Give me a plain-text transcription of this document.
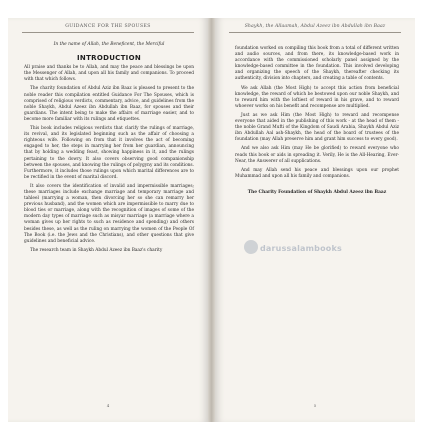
GUIDANCE FOR THE SPOUSES
In the name of Allah, the Beneficent, the Merciful
INTRODUCTION

All praise and thanks be to Allah, and may the peace and blessings be upon the Messenger of Allah, and upon all his family and companions. To proceed with that which follows.

The charity foundation of Abdul Aziz ibn Baaz is pleased to present to the noble reader this compilation entitled Guidance For The Spouses, which is comprised of religious verdicts, commentary, advice, and guidelines from the noble Shaykh, Abdul Azeez ibn Abdullah ibn Baaz, for spouses and their guardians. The intent being to make the affairs of marriage easier, and to become more familiar with its rulings and etiquettes.

This book includes religious verdicts that clarify the rulings of marriage, its revival, and its legislated beginning such as the affair of choosing a righteous wife. Following on from that it involves the act of becoming engaged to her, the steps in marrying her from her guardian, announcing that by holding a wedding feast, showing happiness in it, and the rulings pertaining to the dowry. It also covers observing good companionship between the spouses, and knowing the rulings of polygyny and its conditions. Furthermore, it includes those rulings upon which marital differences are to be rectified in the event of marital discord.

It also covers the identification of invalid and impermissible marriages; these marriages include exchange marriage and temporary marriage and tahleel (marrying a woman, then divorcing her so she can remarry her previous husband), and the women which are impermissible to marry due to blood ties or marriage, along with the recognition of images of some of the modern day types of marriage such as misyar marriage (a marriage where a woman gives up her rights to such as residence and spending) and others besides these, as well as the ruling on marrying the women of the People Of The Book (i.e. the Jews and the Christians), and other questions that give guidelines and beneficial advice.

The research team in Shaykh Abdul Azeez ibn Baaz's charity

4
Shaykh, the Allaamah, Abdul Azeez ibn Abdullah ibn Baaz

foundation worked on compiling this book from a total of different written and audio sources, and from there, its knowledge-based work in accordance with the commissioned scholarly panel assigned by the knowledge-based committee in the foundation. This involved developing and organizing the speech of the Shaykh, thereafter checking its authenticity, division into chapters, and creating a table of contents.

We ask Allah (the Most High) to accept this action from beneficial knowledge, the reward of which be bestowed upon our noble Shaykh, and to reward him with the loftiest of reward in his grave, and to reward whoever works on his benefit and recompense are multiplied.

Just as we ask Him (the Most High) to reward and recompense everyone that aided in the publishing of this work - at the head of them - the noble Grand Mufti of the Kingdom of Saudi Arabia, Shaykh Abdul Aziz ibn Abdullah Aal ash-Shaykh, the head of the board of trustees of the foundation (may Allah preserve him and grant him success to every good).

And we also ask Him (may He be glorified) to reward everyone who reads this book or aids in spreading it. Verily, He is the All-Hearing, Ever-Near, the Answerer of all supplications.

And may Allah send his peace and blessings upon our prophet Muhammad and upon all his family and companions.

The Charity Foundation of Shaykh Abdul Azeez ibn Baaz
5
darussalambooks
